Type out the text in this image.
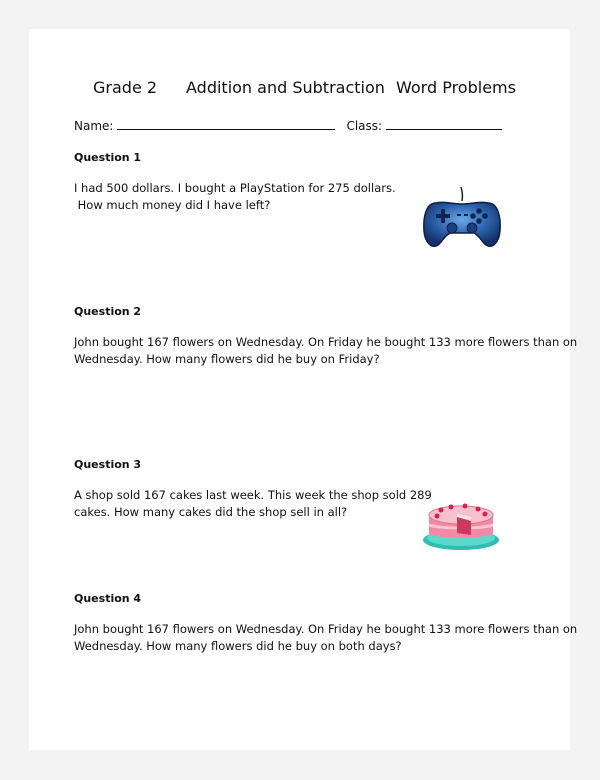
Grade 2 Addition and Subtraction Word Problems
Name:	Class:
Question 1
I had 500 dollars. I bought a PlayStation for 275 dollars.
How much money did I have left?
Question 2
John bought 167 flowers on Wednesday. On Friday he bought 133 more flowers than on
Wednesday. How many flowers did he buy on Friday?
Question 3
A shop sold 167 cakes last week. This week the shop sold 289
cakes. How many cakes did the shop sell in all?
Question 4
John bought 167 flowers on Wednesday. On Friday he bought 133 more flowers than on
Wednesday. How many flowers did he buy on both days?
